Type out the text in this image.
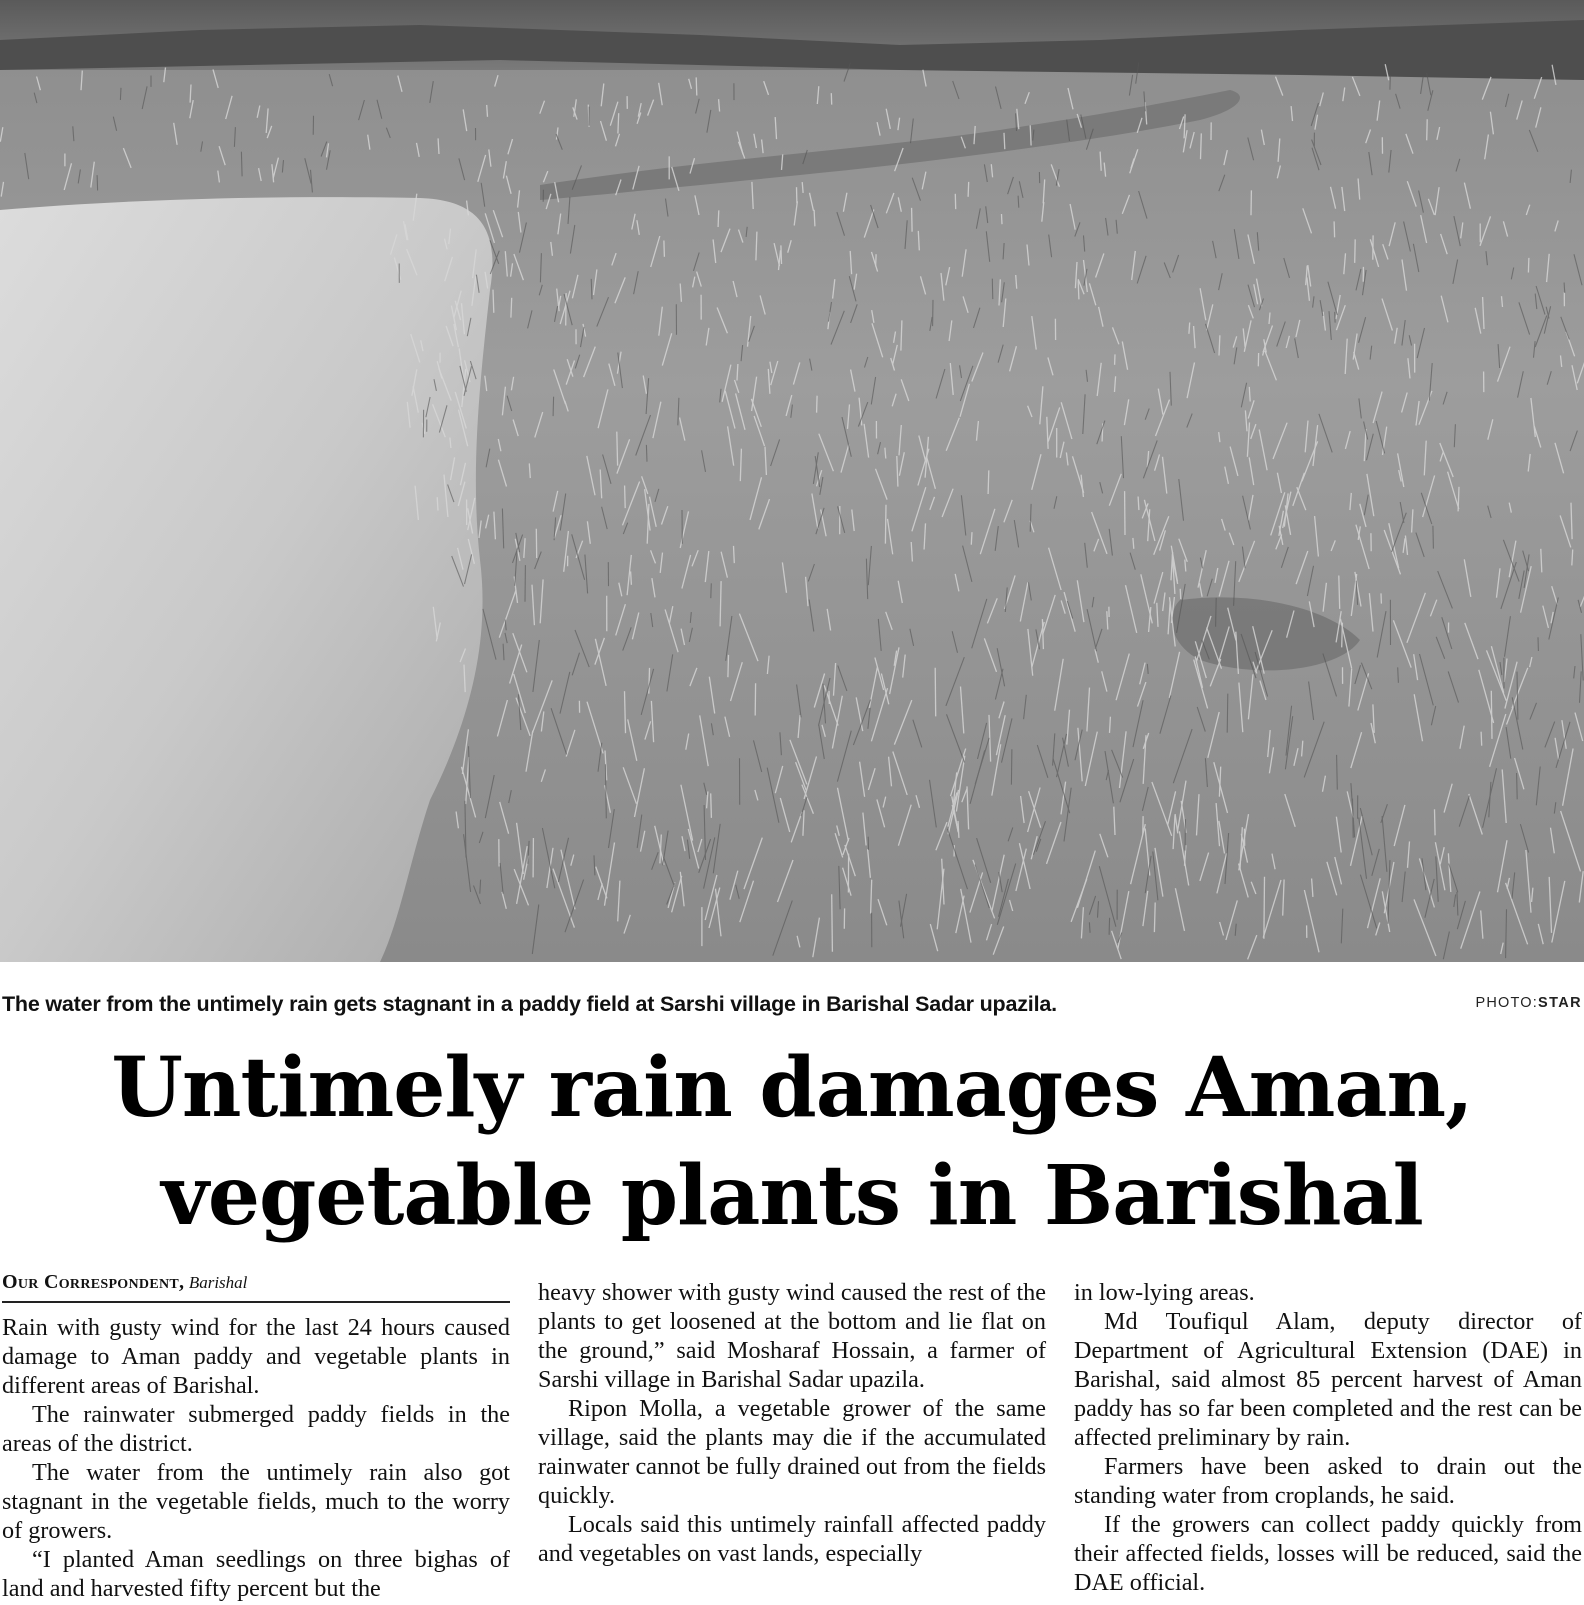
The water from the untimely rain gets stagnant in a paddy field at Sarshi village in Barishal Sadar upazila.	PHOTO:STAR
Untimely rain damages Aman,
vegetable plants in Barishal
Our Correspondent, Barishal

Rain with gusty wind for the last 24 hours caused damage to Aman paddy and vegetable plants in different areas of Barishal.

The rainwater submerged paddy fields in the areas of the district.

The water from the untimely rain also got stagnant in the vegetable fields, much to the worry of growers.

“I planted Aman seedlings on three bighas of land and harvested fifty percent but the

heavy shower with gusty wind caused the rest of the plants to get loosened at the bottom and lie flat on the ground,” said Mosharaf Hossain, a farmer of Sarshi village in Barishal Sadar upazila.

Ripon Molla, a vegetable grower of the same village, said the plants may die if the accumulated rainwater cannot be fully drained out from the fields quickly.

Locals said this untimely rainfall affected paddy and vegetables on vast lands, especially

in low-lying areas.

Md Toufiqul Alam, deputy director of Department of Agricultural Extension (DAE) in Barishal, said almost 85 percent harvest of Aman paddy has so far been completed and the rest can be affected preliminary by rain.

Farmers have been asked to drain out the standing water from croplands, he said.

If the growers can collect paddy quickly from their affected fields, losses will be reduced, said the DAE official.
